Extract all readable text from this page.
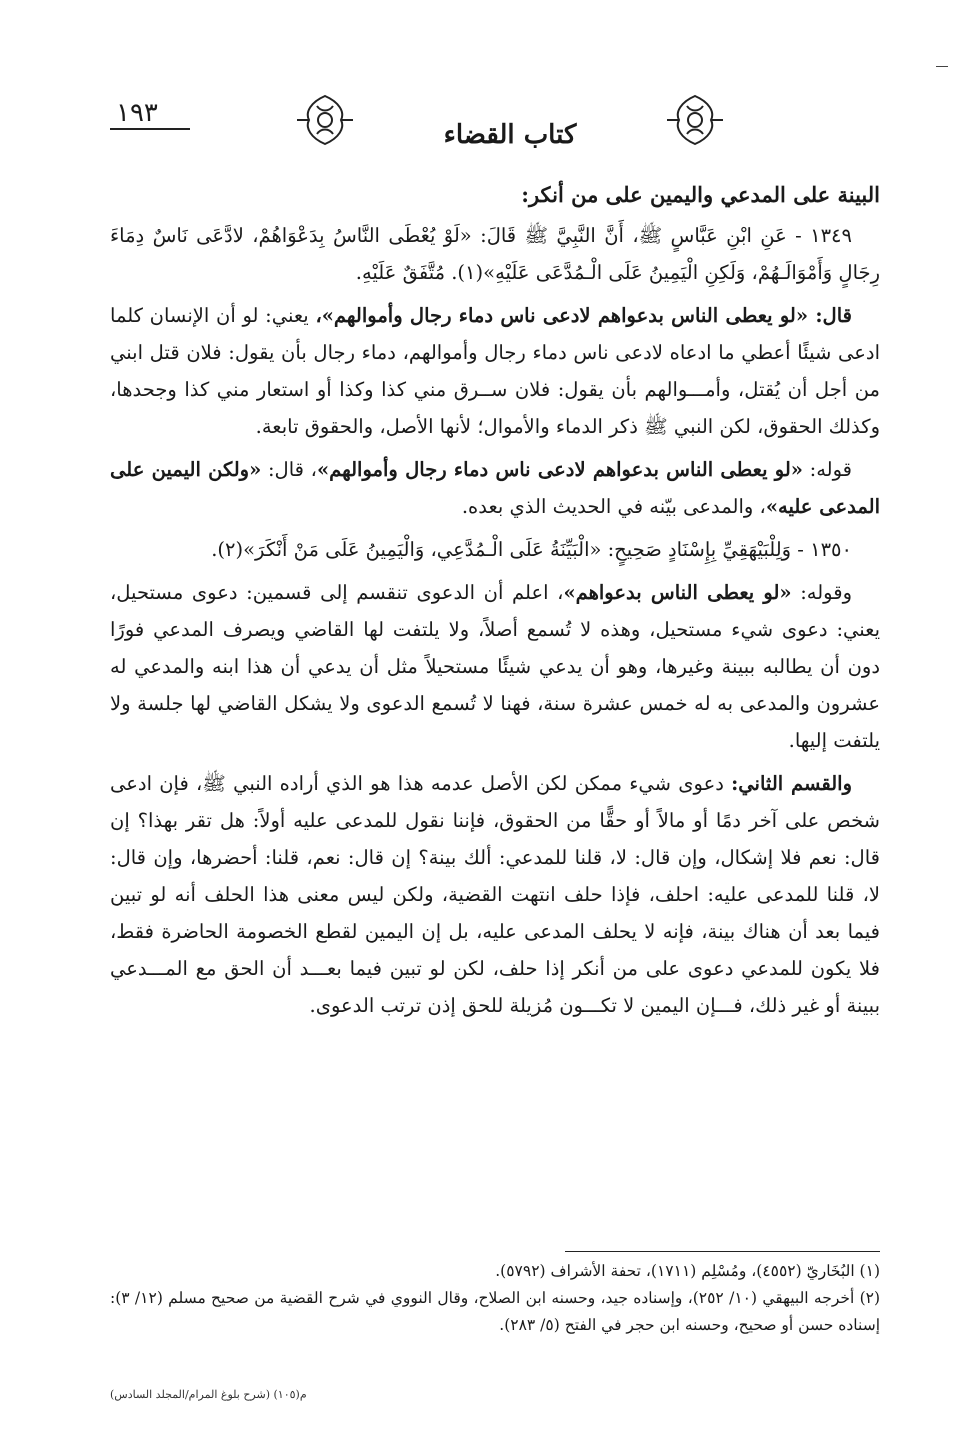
١٩٣
كتاب القضاء

البينة على المدعي واليمين على من أنكر:

١٣٤٩ - عَنِ ابْنِ عَبَّاسٍ ﷺ، أَنَّ النَّبِيَّ ﷺ قَالَ: «لَوْ يُعْطَى النَّاسُ بِدَعْوَاهُمْ، لادَّعَى نَاسٌ دِمَاءَ رِجَالٍ وَأَمْوَالَـهُمْ، وَلَكِنِ الْيَمِينُ عَلَى الْـمُدَّعَى عَلَيْهِ»(١). مُتَّفَقٌ عَلَيْهِ.

قال: «لو يعطى الناس بدعواهم لادعى ناس دماء رجال وأموالهم»، يعني: لو أن الإنسان كلما ادعى شيئًا أعطي ما ادعاه لادعى ناس دماء رجال وأموالهم، دماء رجال بأن يقول: فلان قتل ابني من أجل أن يُقتل، وأمـــوالهم بأن يقول: فلان ســرق مني كذا وكذا أو استعار مني كذا وجحدها، وكذلك الحقوق، لكن النبي ﷺ ذكر الدماء والأموال؛ لأنها الأصل، والحقوق تابعة.

قوله: «لو يعطى الناس بدعواهم لادعى ناس دماء رجال وأموالهم»، قال: «ولكن اليمين على المدعى عليه»، والمدعى بيّنه في الحديث الذي بعده.

١٣٥٠ - وَلِلْبَيْهَقِيِّ بِإِسْنَادٍ صَحِيحٍ: «الْبَيِّنَةُ عَلَى الْـمُدَّعِي، وَالْيَمِينُ عَلَى مَنْ أَنْكَرَ»(٢).

وقوله: «لو يعطى الناس بدعواهم»، اعلم أن الدعوى تنقسم إلى قسمين: دعوى مستحيل، يعني: دعوى شيء مستحيل، وهذه لا تُسمع أصلاً، ولا يلتفت لها القاضي ويصرف المدعي فورًا دون أن يطالبه ببينة وغيرها، وهو أن يدعي شيئًا مستحيلاً مثل أن يدعي أن هذا ابنه والمدعي له عشرون والمدعى به له خمس عشرة سنة، فهنا لا تُسمع الدعوى ولا يشكل القاضي لها جلسة ولا يلتفت إليها.

والقسم الثاني: دعوى شيء ممكن لكن الأصل عدمه هذا هو الذي أراده النبي ﷺ، فإن ادعى شخص على آخر دمًا أو مالاً أو حقًّا من الحقوق، فإننا نقول للمدعى عليه أولاً: هل تقر بهذا؟ إن قال: نعم فلا إشكال، وإن قال: لا، قلنا للمدعي: ألك بينة؟ إن قال: نعم، قلنا: أحضرها، وإن قال: لا، قلنا للمدعى عليه: احلف، فإذا حلف انتهت القضية، ولكن ليس معنى هذا الحلف أنه لو تبين فيما بعد أن هناك بينة، فإنه لا يحلف المدعى عليه، بل إن اليمين لقطع الخصومة الحاضرة فقط، فلا يكون للمدعي دعوى على من أنكر إذا حلف، لكن لو تبين فيما بعـــد أن الحق مع المـــدعي ببينة أو غير ذلك، فـــإن اليمين لا تكـــون مُزيلة للحق إذن ترتب الدعوى.

(١) البُخَاريّ (٤٥٥٢)، ومُسْلِم (١٧١١)، تحفة الأشراف (٥٧٩٢).

(٢) أخرجه البيهقي (١٠/ ٢٥٢)، وإسناده جيد، وحسنه ابن الصلاح، وقال النووي في شرح القضية من صحيح مسلم (١٢/ ٣): إسناده حسن أو صحيح، وحسنه ابن حجر في الفتح (٥/ ٢٨٣).

م(١٠٥) (شرح بلوغ المرام/المجلد السادس)
